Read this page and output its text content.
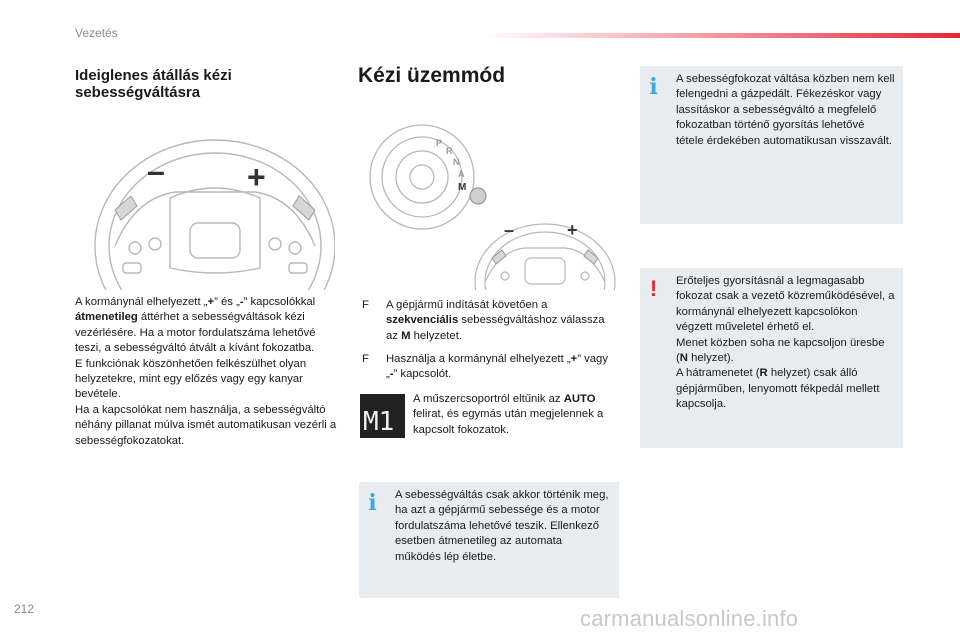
Vezetés
Ideiglenes átállás kézi sebességváltásra
–	+
A kormánynál elhelyezett „+” és „-” kapcsolókkal átmenetileg áttérhet a sebességváltások kézi vezérlésére. Ha a motor fordulatszáma lehetővé teszi, a sebességváltó átvált a kívánt fokozatba.
E funkciónak köszönhetően felkészülhet olyan helyzetekre, mint egy előzés vagy egy kanyar bevétele.
Ha a kapcsolókat nem használja, a sebességváltó néhány pillanat múlva ismét automatikusan vezérli a sebességfokozatokat.
Kézi üzemmód
P
R
N
A
M
–	+
F	A gépjármű indítását követően a szekvenciális sebességváltáshoz válassza az M helyzetet.
F	Használja a kormánynál elhelyezett „+” vagy „-” kapcsolót.
M1
A műszercsoportról eltűnik az AUTO felirat, és egymás után megjelennek a kapcsolt fokozatok.
i A sebességváltás csak akkor történik meg, ha azt a gépjármű sebessége és a motor fordulatszáma lehetővé teszik. Ellenkező esetben átmenetileg az automata működés lép életbe.
i A sebességfokozat váltása közben nem kell felengedni a gázpedált. Fékezéskor vagy lassításkor a sebességváltó a megfelelő fokozatban történő gyorsítás lehetővé tétele érdekében automatikusan visszavált.
! Erőteljes gyorsításnál a legmagasabb fokozat csak a vezető közreműködésével, a kormánynál elhelyezett kapcsolókon végzett műveletel érhető el.
Menet közben soha ne kapcsoljon üresbe (N helyzet).
A hátramenetet (R helyzet) csak álló gépjárműben, lenyomott fékpedál mellett kapcsolja.
212	carmanualsonline.info
